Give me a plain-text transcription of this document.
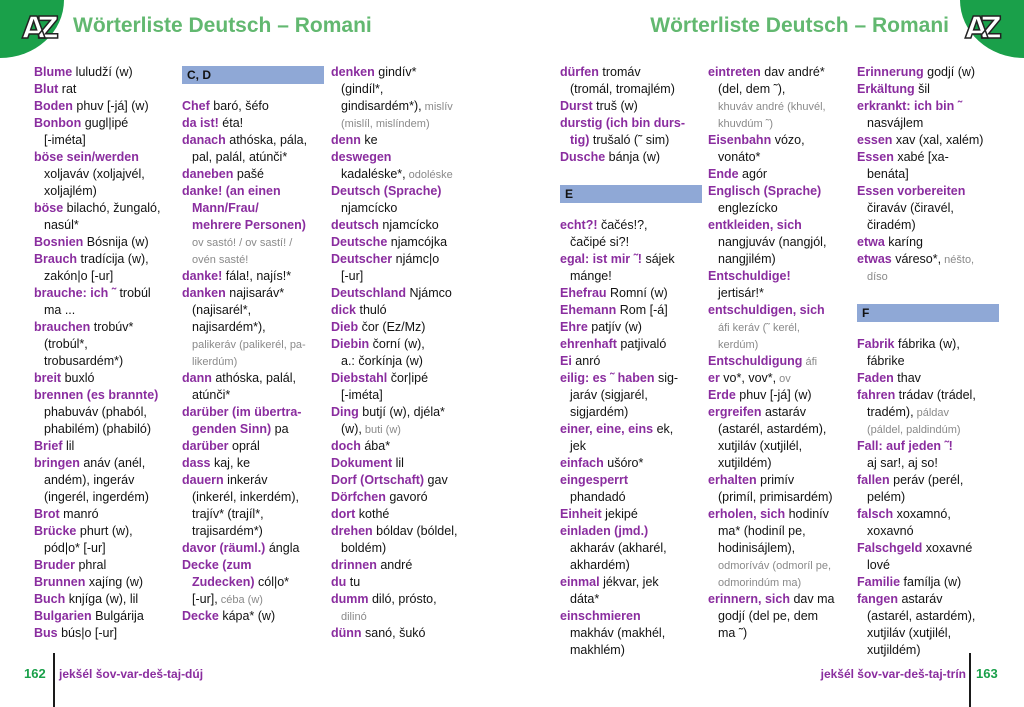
AZ	AZ
Wörterliste Deutsch – Romani	Wörterliste Deutsch – Romani
Blume luludží (w)
Blut rat
Boden phuv [-já] (w)
Bonbon gugl|ipé
[-iméta]
böse sein/werden
xoljaváv (xoljajvél,
xoljajlém)
böse bilachó, žungaló,
nasúl*
Bosnien Bósnija (w)
Brauch tradícija (w),
zakón|o [-ur]
brauche: ich ˜ trobúl
ma ...
brauchen trobúv*
(trobúl*,
trobusardém*)
breit buxló
brennen (es brannte)
phabuváv (phaból,
phabilém) (phabiló)
Brief lil
bringen anáv (anél,
andém), ingeráv
(ingerél, ingerdém)
Brot manró
Brücke phurt (w),
pód|o* [-ur]
Bruder phral
Brunnen xajíng (w)
Buch knjíga (w), lil
Bulgarien Bulgárija
Bus bús|o [-ur]
C, D
Chef baró, šéfo
da ist! éta!
danach athóska, pála,
pal, palál, atúnči*
daneben pašé
danke! (an einen
Mann/Frau/
mehrere Personen)
ov sastó! / ov sastí! /
ovén sasté!
danke! fála!, najís!*
danken najisaráv*
(najisarél*,
najisardém*),
palikeráv (palikerél, pa-
likerdúm)
dann athóska, palál,
atúnči*
darüber (im übertra-
genden Sinn) pa
darüber oprál
dass kaj, ke
dauern inkeráv
(inkerél, inkerdém),
trajív* (trajíl*,
trajisardém*)
davor (räuml.) ángla
Decke (zum
Zudecken) cól|o*
[-ur], céba (w)
Decke kápa* (w)
denken gindív*
(gindíl*,
gindisardém*), mislív
(mislíl, mislíndem)
denn ke
deswegen
kadaléske*, odoléske
Deutsch (Sprache)
njamcícko
deutsch njamcícko
Deutsche njamcójka
Deutscher njámc|o
[-ur]
Deutschland Njámco
dick thuló
Dieb čor (Ez/Mz)
Diebin čorní (w),
a.: čorkínja (w)
Diebstahl čor|ipé
[-iméta]
Ding butjí (w), djéla*
(w), buti (w)
doch ába*
Dokument lil
Dorf (Ortschaft) gav
Dörfchen gavoró
dort kothé
drehen bóldav (bóldel,
boldém)
drinnen andré
du tu
dumm diló, prósto,
dilinó
dünn sanó, šukó
dürfen tromáv
(tromál, tromajlém)
Durst truš (w)
durstig (ich bin durs-
tig) trušaló (˜ sim)
Dusche bánja (w)
E
echt?! čačés!?,
čačipé si?!
egal: ist mir ˜! sájek
mánge!
Ehefrau Romní (w)
Ehemann Rom [-á]
Ehre patjív (w)
ehrenhaft patjivaló
Ei anró
eilig: es ˜ haben sig-
jaráv (sigjarél,
sigjardém)
einer, eine, eins ek,
jek
einfach ušóro*
eingesperrt
phandadó
Einheit jekipé
einladen (jmd.)
akharáv (akharél,
akhardém)
einmal jékvar, jek
dáta*
einschmieren
makháv (makhél,
makhlém)
eintreten dav andré*
(del, dem ˜),
khuváv andré (khuvél,
khuvdúm ˜)
Eisenbahn vózo,
vonáto*
Ende agór
Englisch (Sprache)
englezícko
entkleiden, sich
nangjuváv (nangjól,
nangjilém)
Entschuldige!
jertisár!*
entschuldigen, sich
áfi keráv (˜ kerél,
kerdúm)
Entschuldigung áfi
er vo*, vov*, ov
Erde phuv [-já] (w)
ergreifen astaráv
(astarél, astardém),
xutjiláv (xutjilél,
xutjildém)
erhalten primív
(primíl, primisardém)
erholen, sich hodinív
ma* (hodiníl pe,
hodinisájlem),
odmoríváv (odmoríl pe,
odmorindúm ma)
erinnern, sich dav ma
godjí (del pe, dem
ma ˜)
Erinnerung godjí (w)
Erkältung šil
erkrankt: ich bin ˜
nasvájlem
essen xav (xal, xalém)
Essen xabé [xa-
benáta]
Essen vorbereiten
čiraváv (čiravél,
čiradém)
etwa karíng
etwas váreso*, néšto,
díso
F
Fabrik fábrika (w),
fábrike
Faden thav
fahren trádav (trádel,
tradém), páldav
(páldel, paldindúm)
Fall: auf jeden ˜!
aj sar!, aj so!
fallen peráv (perél,
pelém)
falsch xoxamnó,
xoxavnó
Falschgeld xoxavné
lové
Familie famílja (w)
fangen astaráv
(astarél, astardém),
xutjiláv (xutjilél,
xutjildém)
162 jekšél šov-var-deš-taj-dúj	jekšél šov-var-deš-taj-trín 163
